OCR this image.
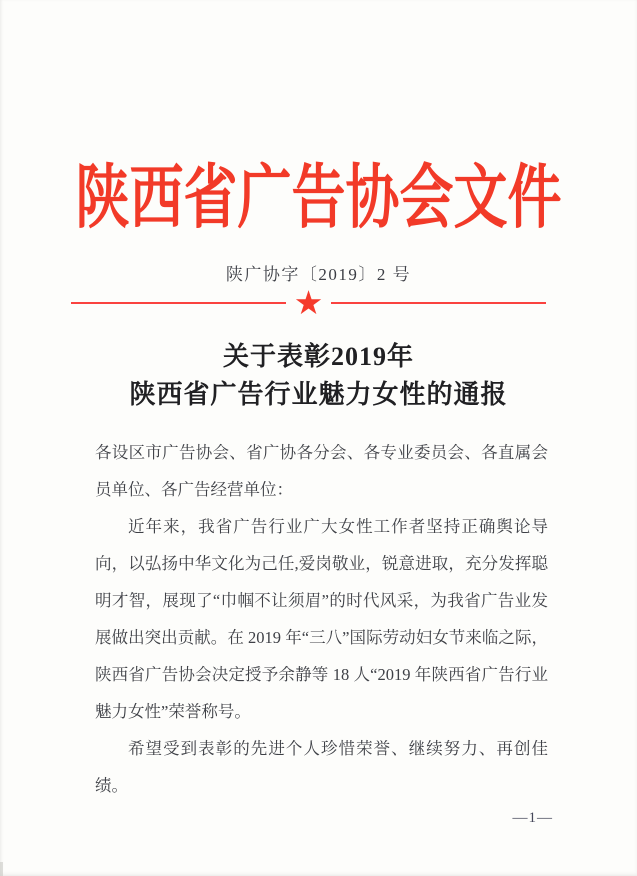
陕西省广告协会文件
陕广协字〔2019〕2 号
★
关于表彰2019年
陕西省广告行业魅力女性的通报

各设区市广告协会、省广协各分会、各专业委员会、各直属会员单位、各广告经营单位：

近年来，我省广告行业广大女性工作者坚持正确舆论导向，以弘扬中华文化为己任,爱岗敬业，锐意进取，充分发挥聪明才智，展现了“巾帼不让须眉”的时代风采，为我省广告业发展做出突出贡献。在 2019 年“三八”国际劳动妇女节来临之际，陕西省广告协会决定授予余静等 18 人“2019 年陕西省广告行业魅力女性”荣誉称号。

希望受到表彰的先进个人珍惜荣誉、继续努力、再创佳绩。

—1—
